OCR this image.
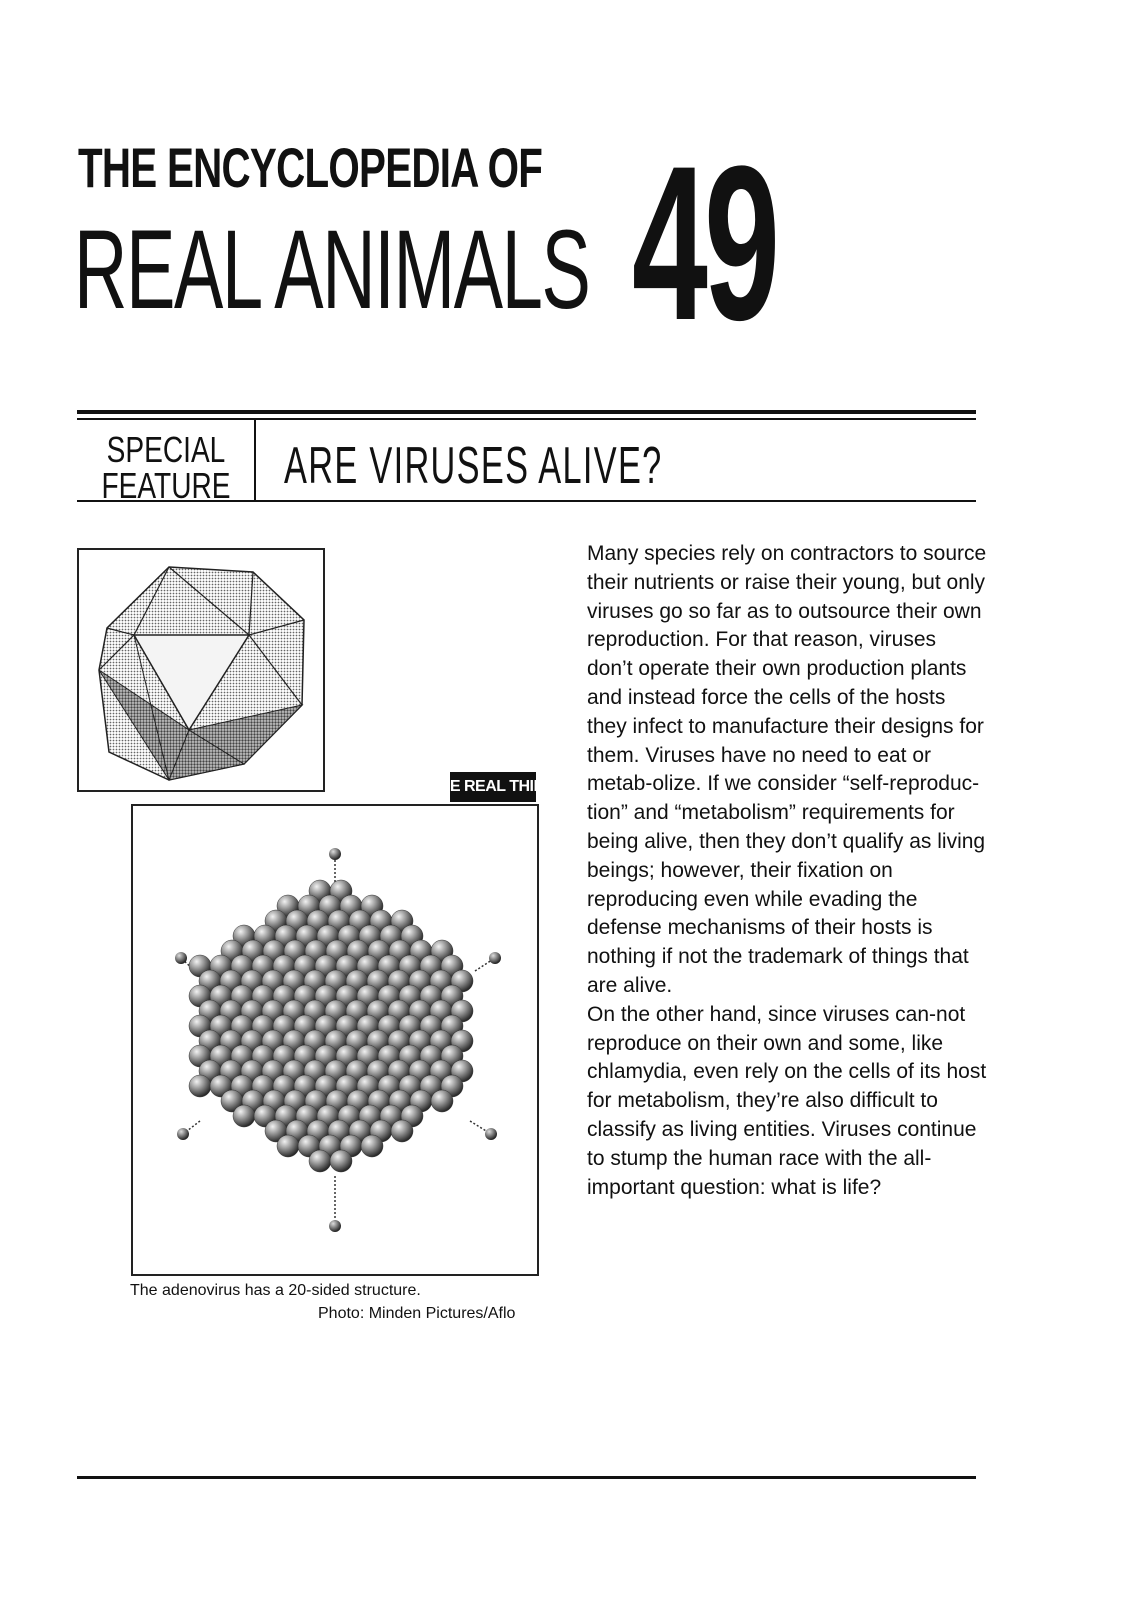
THE ENCYCLOPEDIA OF
REAL ANIMALS 49
SPECIAL
FEATURE ARE VIRUSES ALIVE?
THE REAL THING
The adenovirus has a 20-sided structure.
Photo: Minden Pictures/Aflo

Many species rely on contractors to source their nutrients or raise their young, but only viruses go so far as to outsource their own reproduction. For that reason, viruses don’t operate their own production plants and instead force the cells of the hosts they infect to manufacture their designs for them. Viruses have no need to eat or metab-olize. If we consider “self-reproduc-tion” and “metabolism” requirements for being alive, then they don’t qualify as living beings; however, their fixation on reproducing even while evading the defense mechanisms of their hosts is nothing if not the trademark of things that are alive.

On the other hand, since viruses can-not reproduce on their own and some, like chlamydia, even rely on the cells of its host for metabolism, they’re also difficult to classify as living entities. Viruses continue to stump the human race with the all-important question: what is life?
